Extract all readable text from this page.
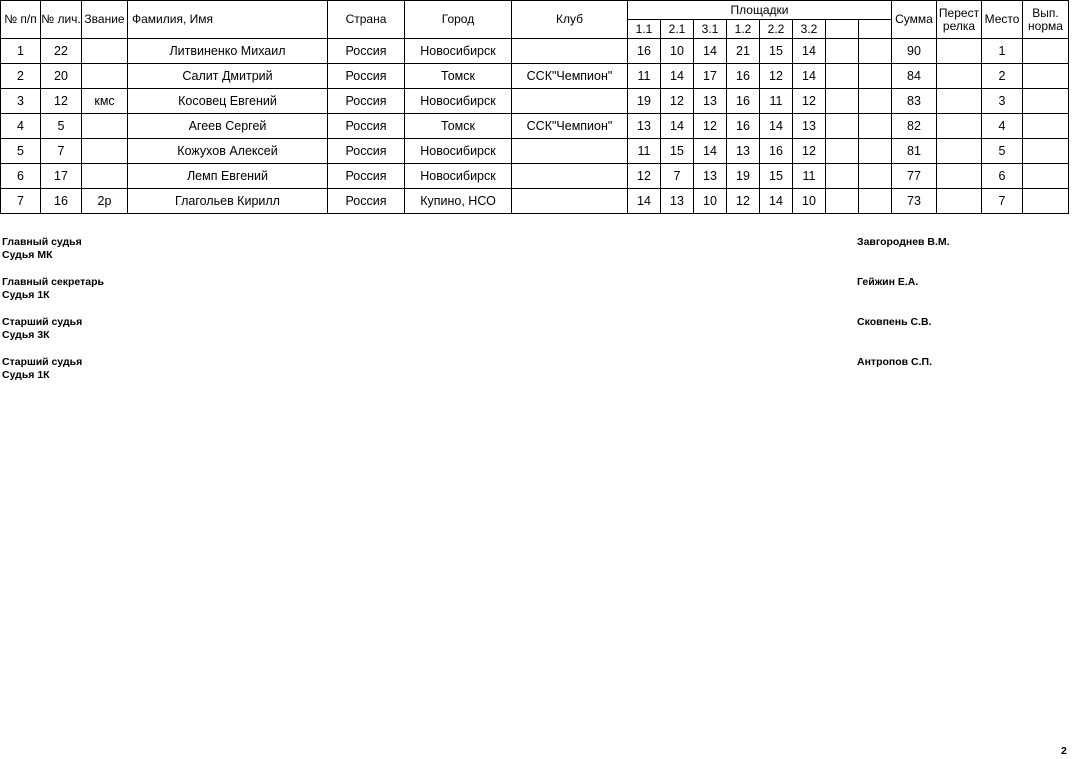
№ п/п	№ лич.	Звание	Фамилия, Имя	Страна	Город	Клуб	Площадки								Сумма	Перест релка	Место	Вып. норма
							1.1	2.1	3.1	1.2	2.2	3.2						
1	22		Литвиненко Михаил	Россия	Новосибирск		16	10	14	21	15	14			90		1	
2	20		Салит Дмитрий	Россия	Томск	ССК"Чемпион"	11	14	17	16	12	14			84		2	
3	12	кмс	Косовец Евгений	Россия	Новосибирск		19	12	13	16	11	12			83		3	
4	5		Агеев Сергей	Россия	Томск	ССК"Чемпион"	13	14	12	16	14	13			82		4	
5	7		Кожухов Алексей	Россия	Новосибирск		11	15	14	13	16	12			81		5	
6	17		Лемп Евгений	Россия	Новосибирск		12	7	13	19	15	11			77		6	
7	16	2р	Глагольев Кирилл	Россия	Купино, НСО		14	13	10	12	14	10			73		7	
Главный судья
Судья МК
Завгороднев В.М.
Главный секретарь
Судья 1К
Гейжин Е.А.
Старший судья
Судья 3К
Сковпень С.В.
Старший судья
Судья 1К
Антропов С.П.
2
